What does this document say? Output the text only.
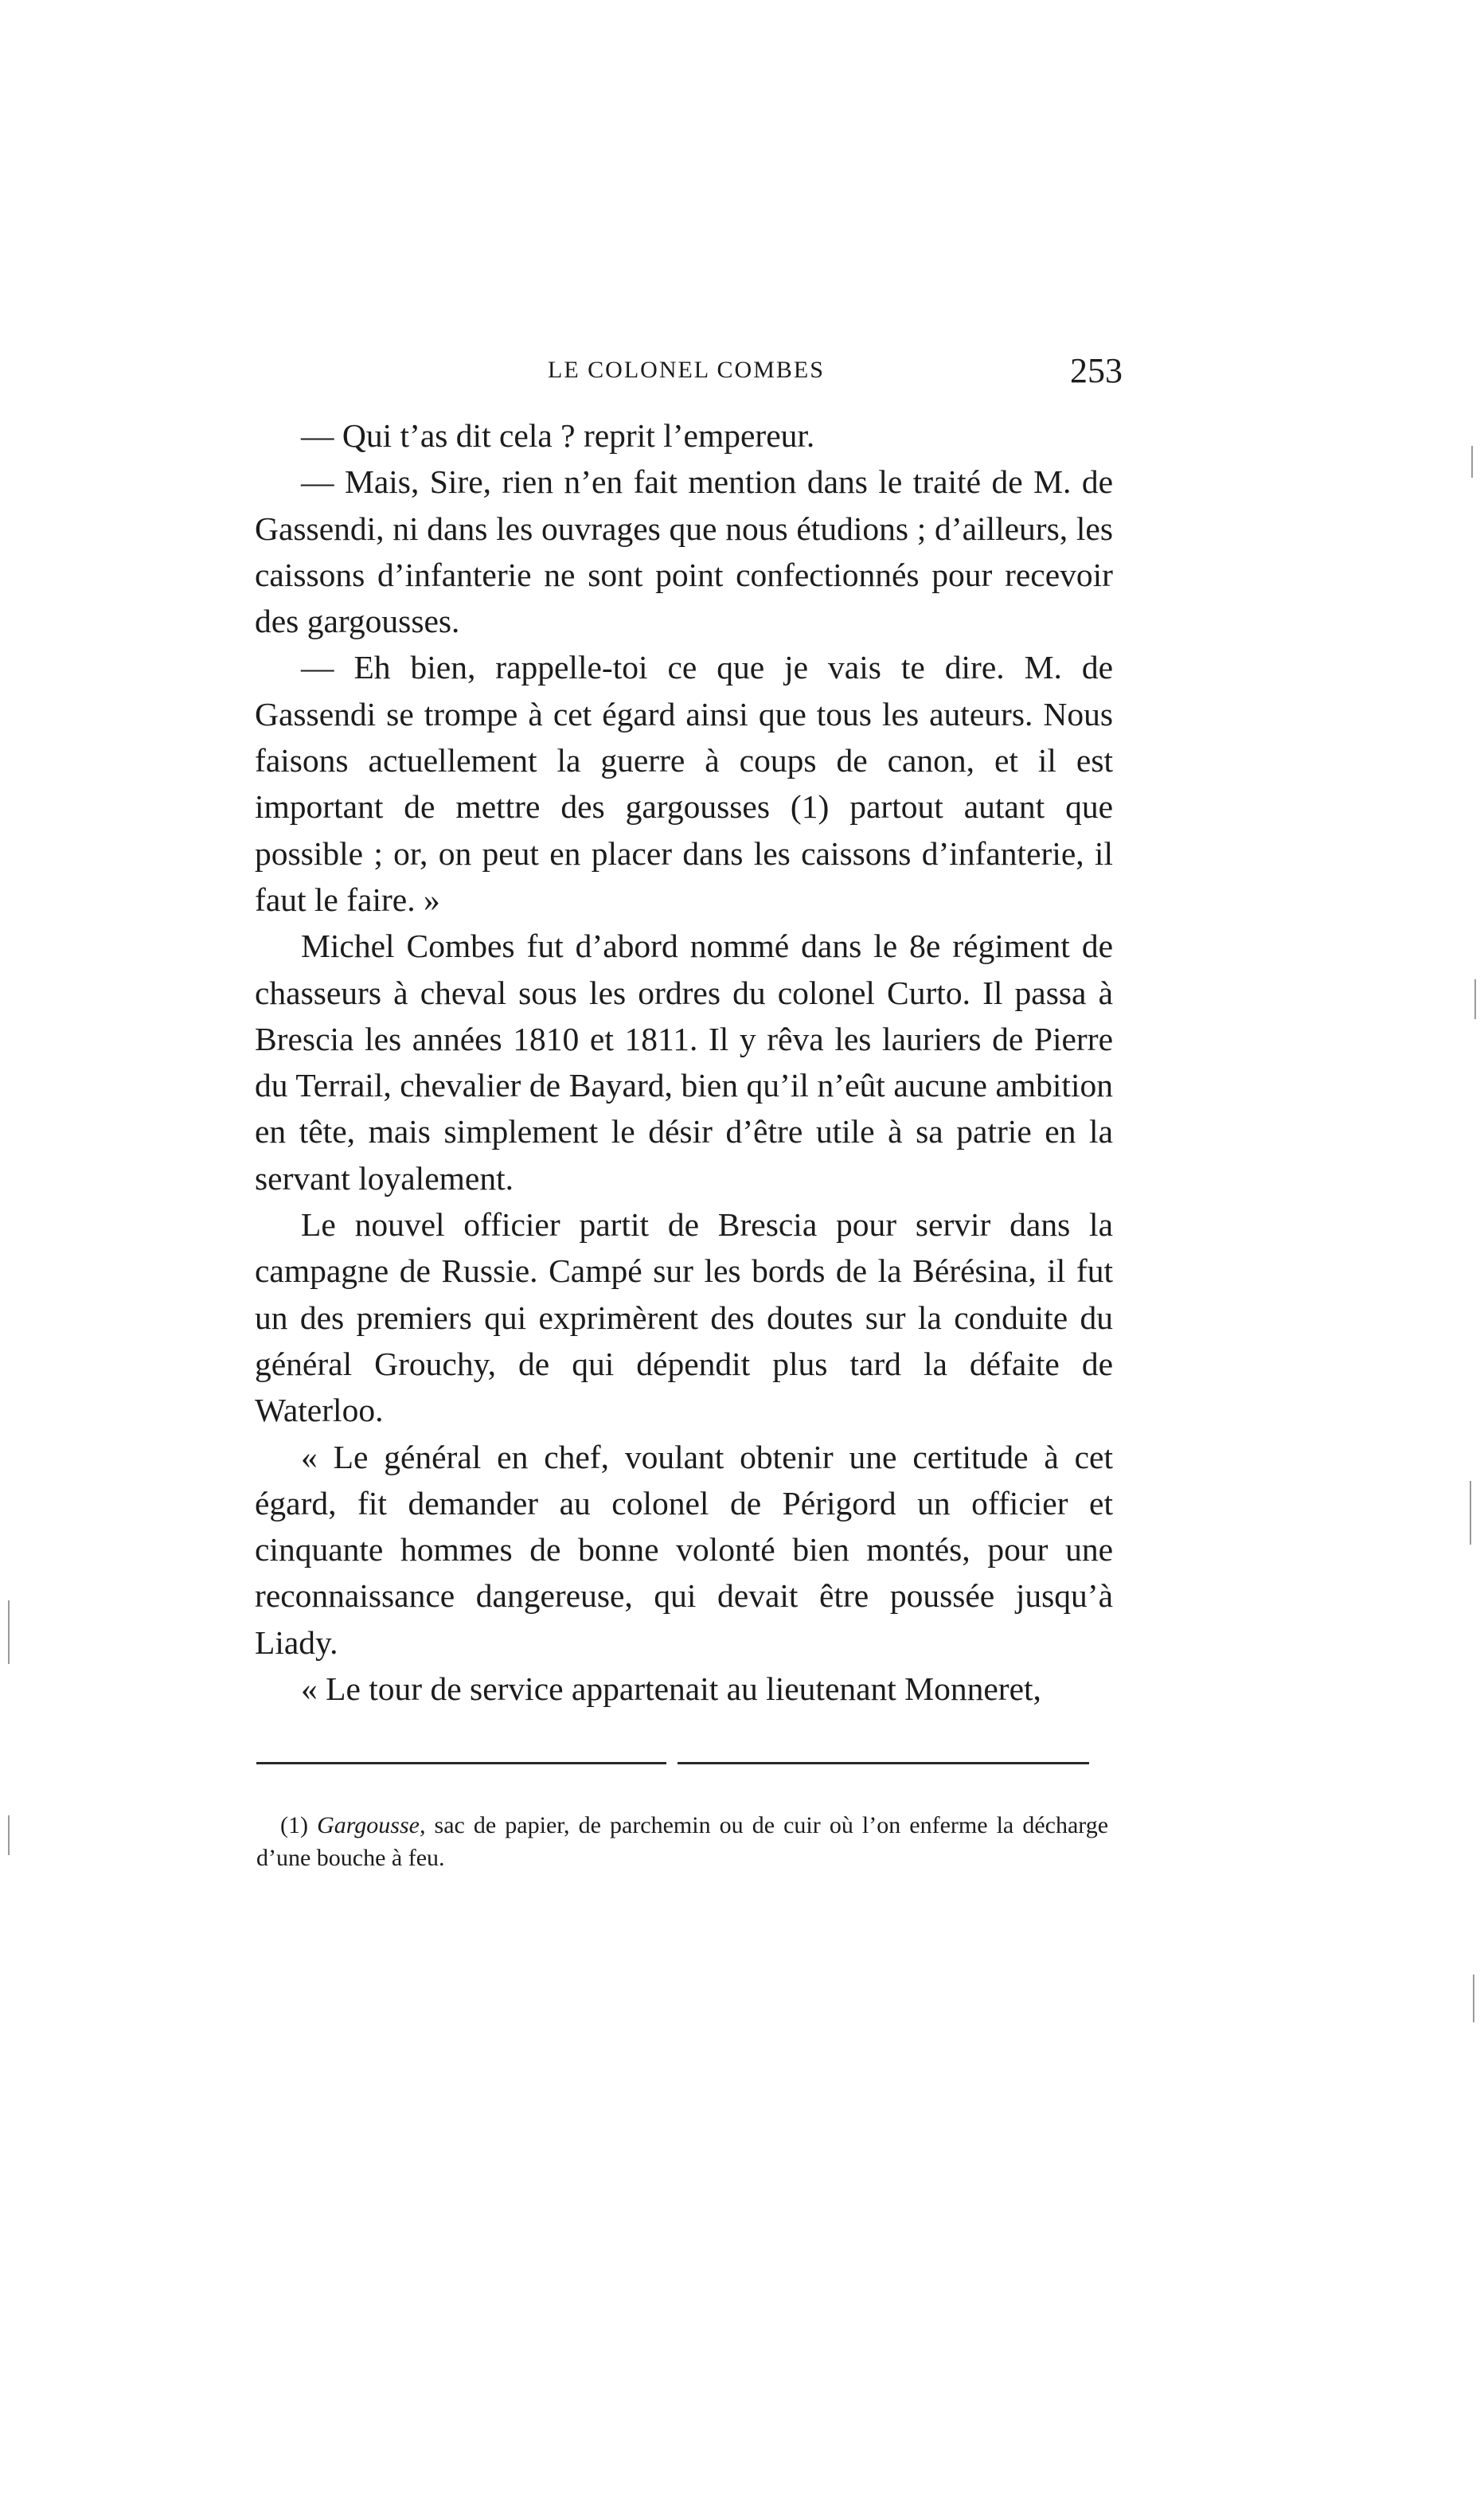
LE COLONEL COMBES	253

— Qui t’as dit cela ? reprit l’empereur.

— Mais, Sire, rien n’en fait mention dans le traité de M. de Gassendi, ni dans les ouvrages que nous étudions ; d’ailleurs, les caissons d’infanterie ne sont point confectionnés pour recevoir des gargousses.

— Eh bien, rappelle-toi ce que je vais te dire. M. de Gassendi se trompe à cet égard ainsi que tous les auteurs. Nous faisons actuellement la guerre à coups de canon, et il est important de mettre des gargousses (1) partout autant que possible ; or, on peut en placer dans les caissons d’infanterie, il faut le faire. »

Michel Combes fut d’abord nommé dans le 8e régiment de chasseurs à cheval sous les ordres du colonel Curto. Il passa à Brescia les années 1810 et 1811. Il y rêva les lauriers de Pierre du Terrail, chevalier de Bayard, bien qu’il n’eût aucune ambition en tête, mais simplement le désir d’être utile à sa patrie en la servant loyalement.

Le nouvel officier partit de Brescia pour servir dans la campagne de Russie. Campé sur les bords de la Bérésina, il fut un des premiers qui exprimèrent des doutes sur la conduite du général Grouchy, de qui dépendit plus tard la défaite de Waterloo.

« Le général en chef, voulant obtenir une certitude à cet égard, fit demander au colonel de Périgord un officier et cinquante hommes de bonne volonté bien montés, pour une reconnaissance dangereuse, qui devait être poussée jusqu’à Liady.

« Le tour de service appartenait au lieutenant Monneret,

(1) Gargousse, sac de papier, de parchemin ou de cuir où l’on enferme la décharge d’une bouche à feu.
